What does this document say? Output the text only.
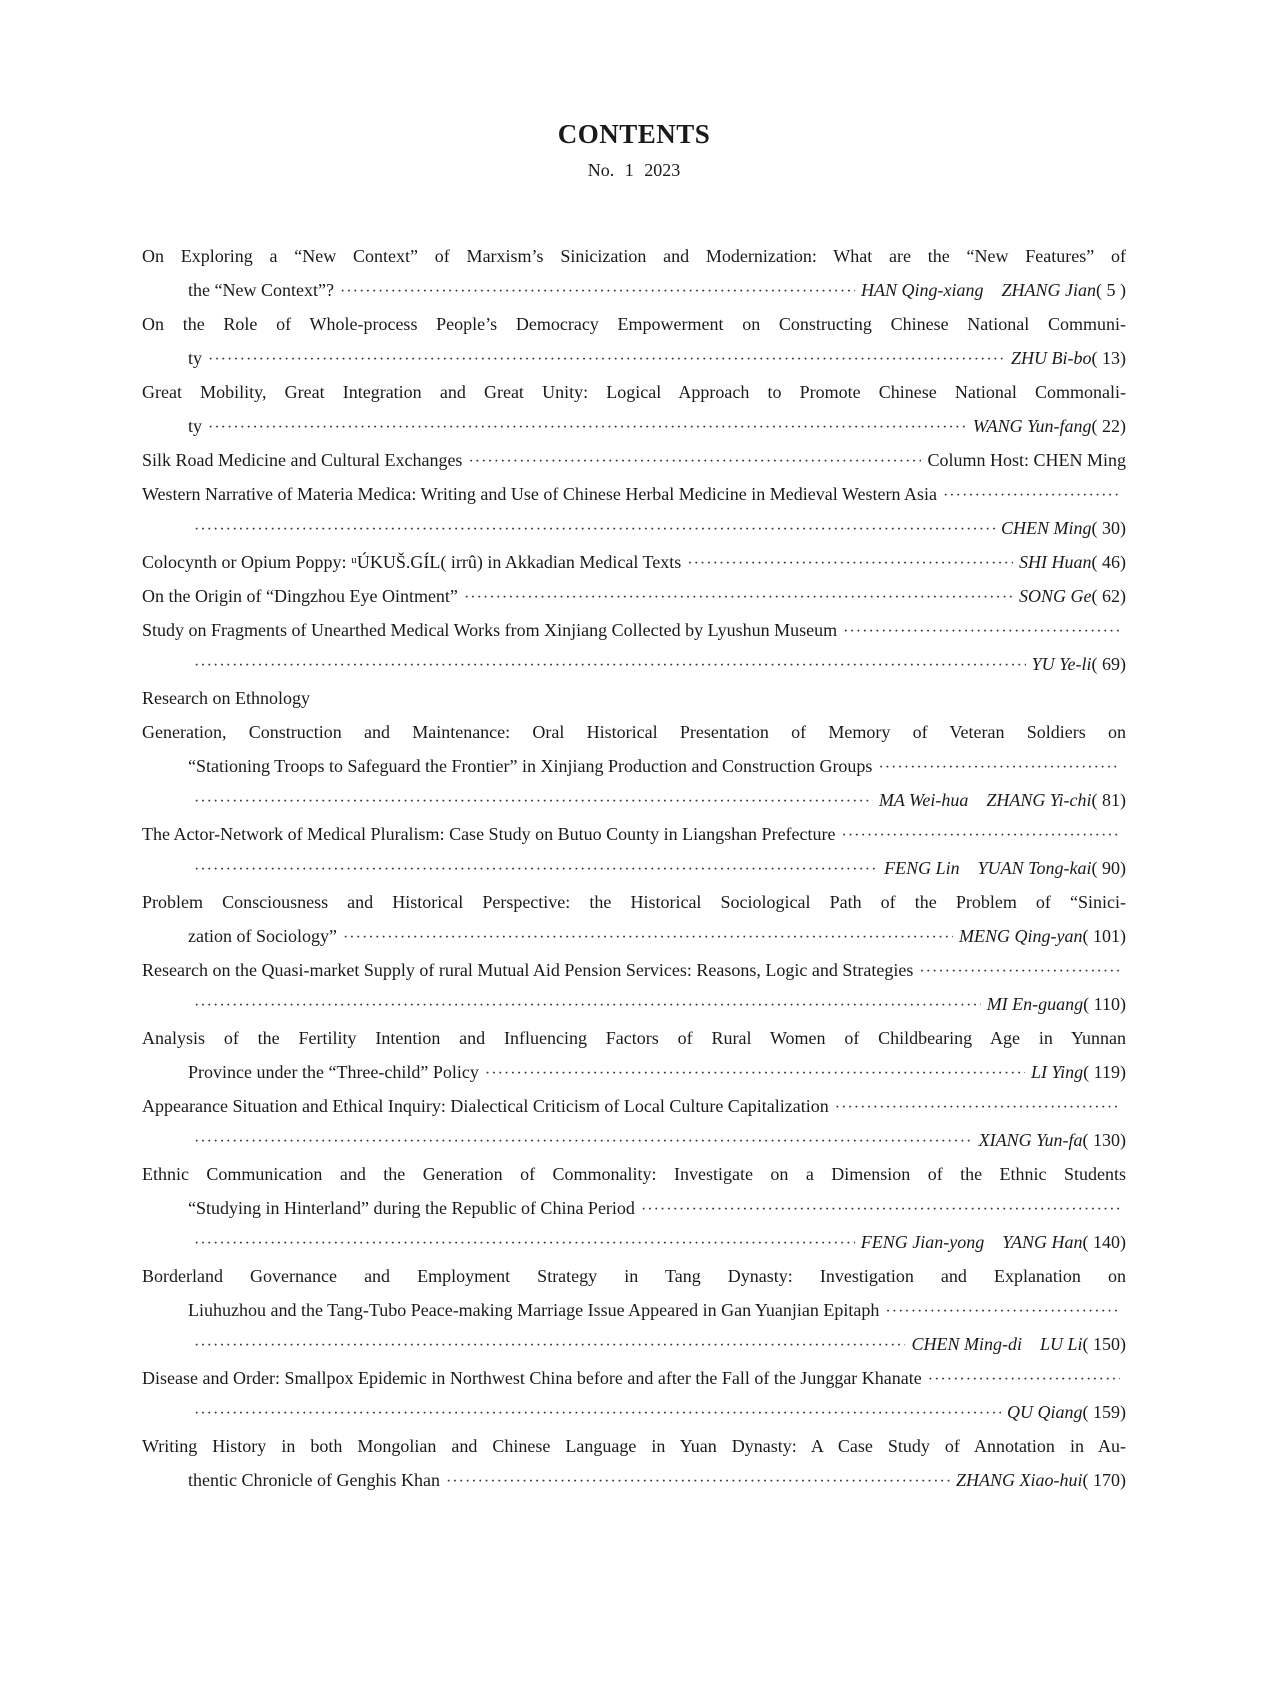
CONTENTS
No. 1 2023
On Exploring a “New Context” of Marxism’s Sinicization and Modernization: What are the “New Features” of
the “New Context”? ·····	HAN Qing-xiang ZHANG Jian( 5 )
On the Role of Whole-process People’s Democracy Empowerment on Constructing Chinese National Communi-
ty ·····	ZHU Bi-bo( 13)
Great Mobility, Great Integration and Great Unity: Logical Approach to Promote Chinese National Commonali-
ty ·····	WANG Yun-fang( 22)
Silk Road Medicine and Cultural Exchanges ·····	Column Host: CHEN Ming
Western Narrative of Materia Medica: Writing and Use of Chinese Herbal Medicine in Medieval Western Asia
·····
·····
CHEN Ming( 30)
Colocynth or Opium Poppy: ᵘÚKUŠ.GÍL( irrû) in Akkadian Medical Texts ·····	SHI Huan( 46)
On the Origin of “Dingzhou Eye Ointment” ·····	SONG Ge( 62)
Study on Fragments of Unearthed Medical Works from Xinjiang Collected by Lyushun Museum
·····
·····
YU Ye-li( 69)
Research on Ethnology
Generation, Construction and Maintenance: Oral Historical Presentation of Memory of Veteran Soldiers on
“Stationing Troops to Safeguard the Frontier” in Xinjiang Production and Construction Groups
·····
·····
MA Wei-hua ZHANG Yi-chi( 81)
The Actor-Network of Medical Pluralism: Case Study on Butuo County in Liangshan Prefecture
·····
·····
FENG Lin YUAN Tong-kai( 90)
Problem Consciousness and Historical Perspective: the Historical Sociological Path of the Problem of “Sinici-
zation of Sociology” ·····	MENG Qing-yan( 101)
Research on the Quasi-market Supply of rural Mutual Aid Pension Services: Reasons, Logic and Strategies
·····
·····
MI En-guang( 110)
Analysis of the Fertility Intention and Influencing Factors of Rural Women of Childbearing Age in Yunnan
Province under the “Three-child” Policy ·····	LI Ying( 119)
Appearance Situation and Ethical Inquiry: Dialectical Criticism of Local Culture Capitalization
·····
·····
XIANG Yun-fa( 130)
Ethnic Communication and the Generation of Commonality: Investigate on a Dimension of the Ethnic Students
“Studying in Hinterland” during the Republic of China Period
·····
·····
FENG Jian-yong YANG Han( 140)
Borderland Governance and Employment Strategy in Tang Dynasty: Investigation and Explanation on
Liuhuzhou and the Tang-Tubo Peace-making Marriage Issue Appeared in Gan Yuanjian Epitaph
·····
·····
CHEN Ming-di LU Li( 150)
Disease and Order: Smallpox Epidemic in Northwest China before and after the Fall of the Junggar Khanate
·····
·····
QU Qiang( 159)
Writing History in both Mongolian and Chinese Language in Yuan Dynasty: A Case Study of Annotation in Au-
thentic Chronicle of Genghis Khan ·····	ZHANG Xiao-hui( 170)
